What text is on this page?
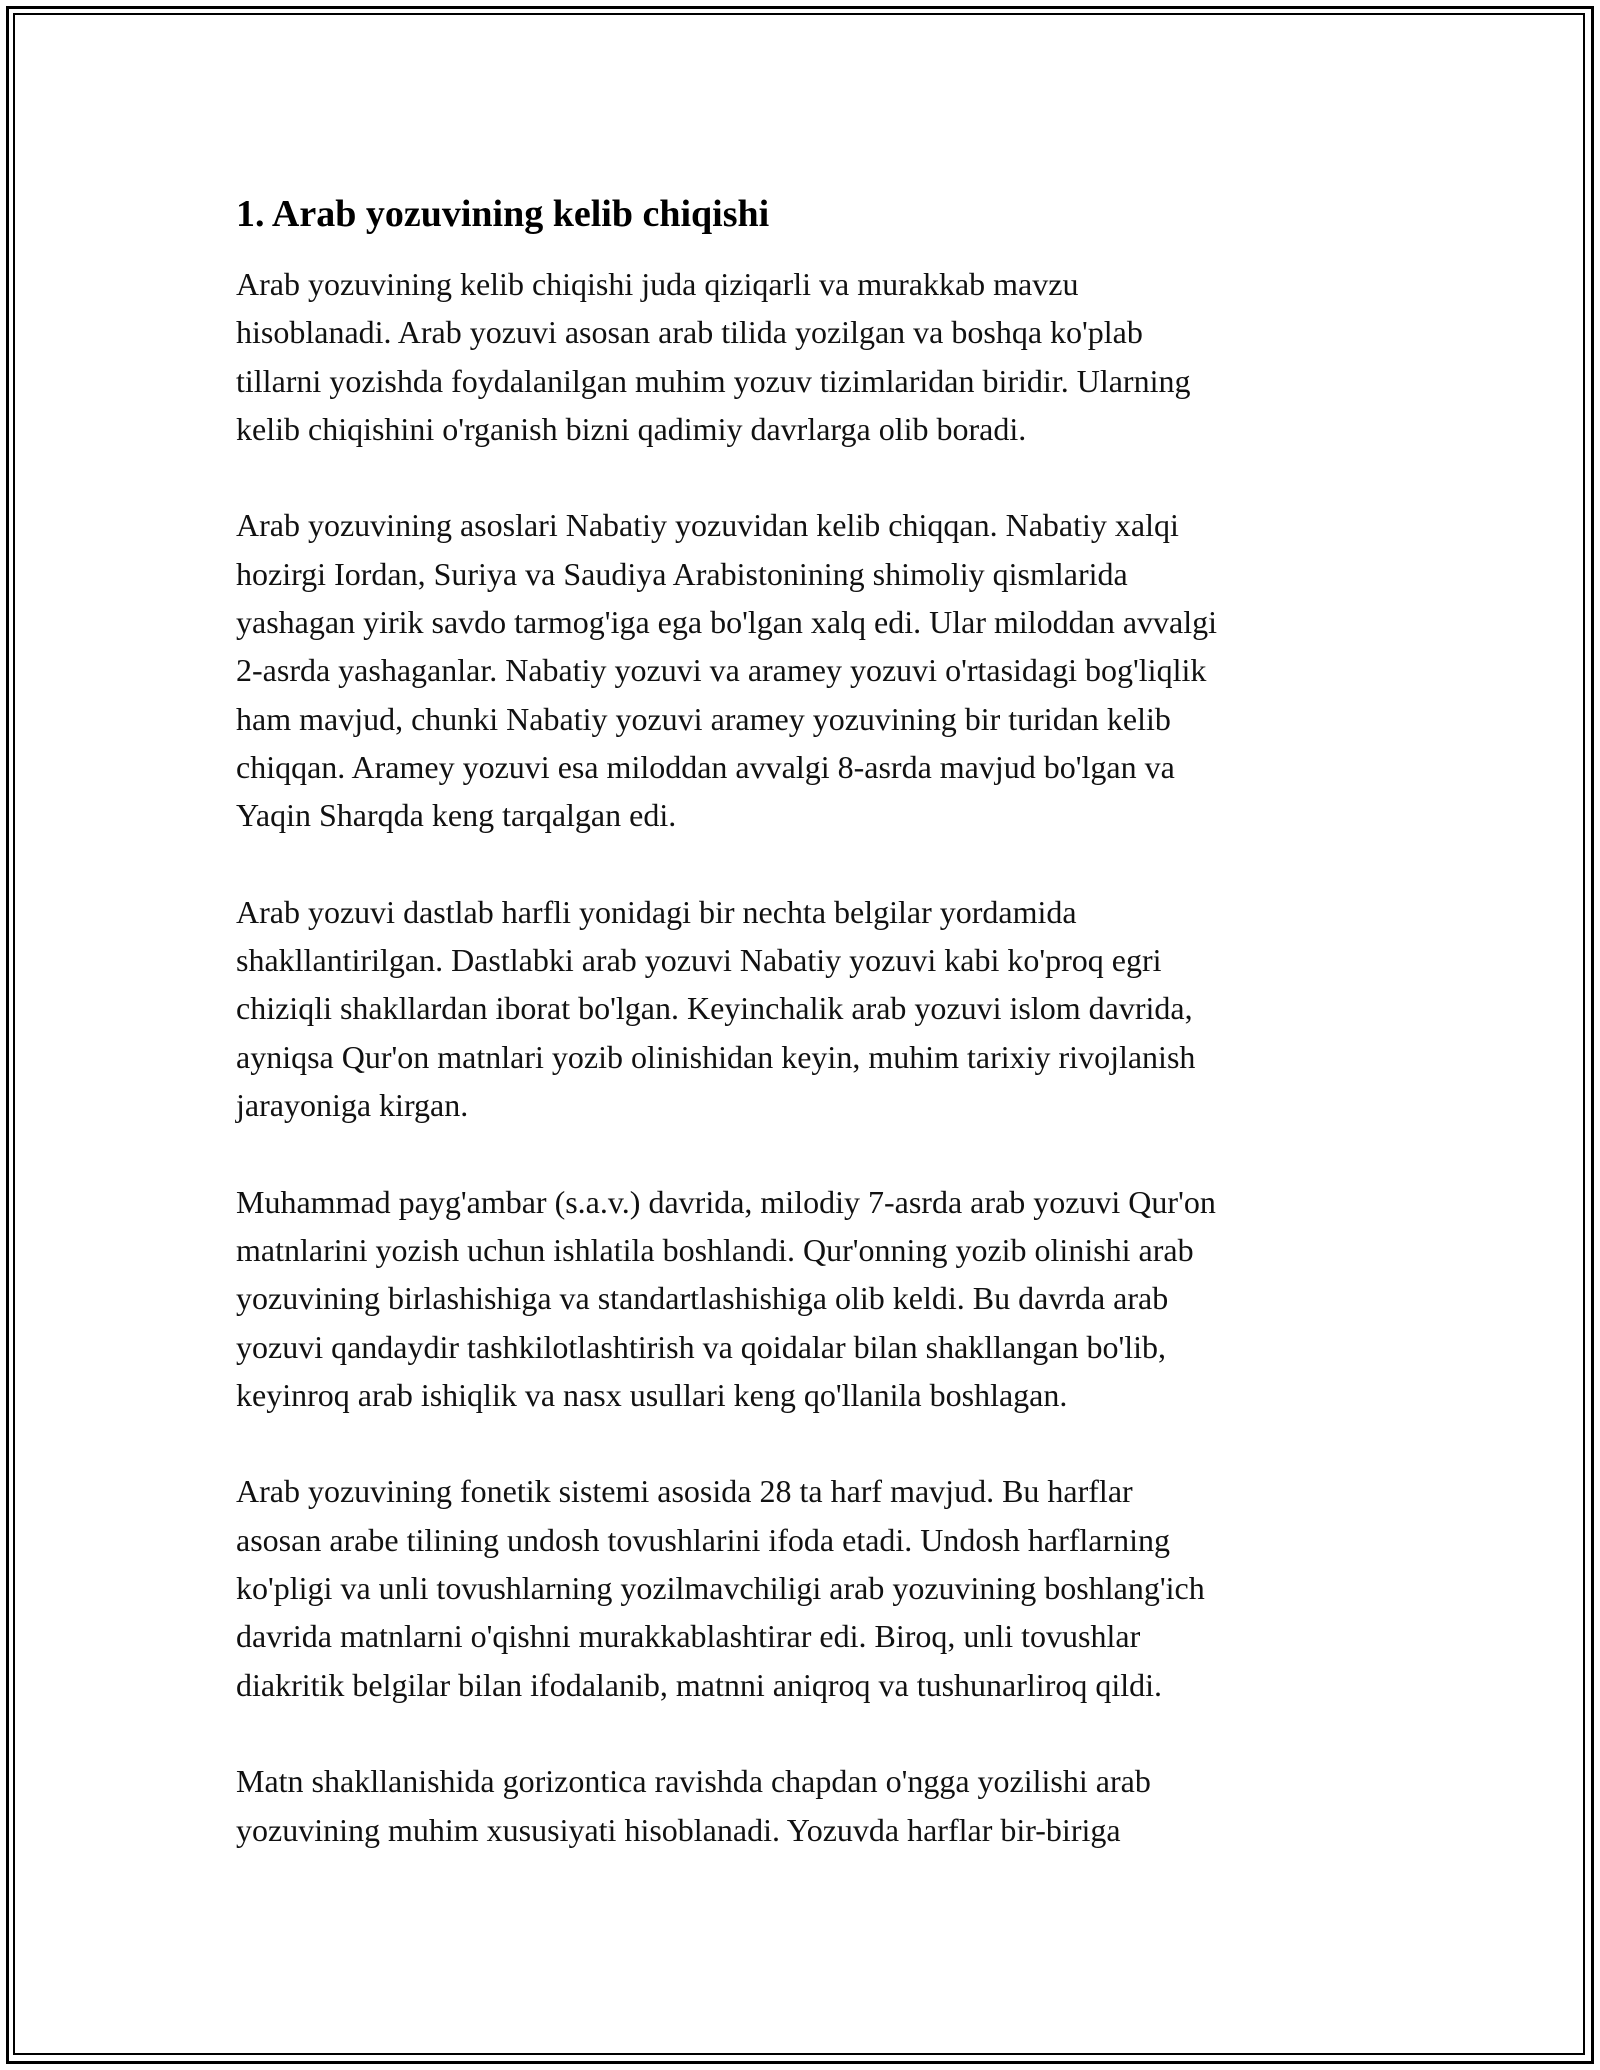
1. Arab yozuvining kelib chiqishi

Arab yozuvining kelib chiqishi juda qiziqarli va murakkab mavzu
hisoblanadi. Arab yozuvi asosan arab tilida yozilgan va boshqa ko'plab
tillarni yozishda foydalanilgan muhim yozuv tizimlaridan biridir. Ularning
kelib chiqishini o'rganish bizni qadimiy davrlarga olib boradi.

Arab yozuvining asoslari Nabatiy yozuvidan kelib chiqqan. Nabatiy xalqi
hozirgi Iordan, Suriya va Saudiya Arabistonining shimoliy qismlarida
yashagan yirik savdo tarmog'iga ega bo'lgan xalq edi. Ular miloddan avvalgi
2-asrda yashaganlar. Nabatiy yozuvi va aramey yozuvi o'rtasidagi bog'liqlik
ham mavjud, chunki Nabatiy yozuvi aramey yozuvining bir turidan kelib
chiqqan. Aramey yozuvi esa miloddan avvalgi 8-asrda mavjud bo'lgan va
Yaqin Sharqda keng tarqalgan edi.

Arab yozuvi dastlab harfli yonidagi bir nechta belgilar yordamida
shakllantirilgan. Dastlabki arab yozuvi Nabatiy yozuvi kabi ko'proq egri
chiziqli shakllardan iborat bo'lgan. Keyinchalik arab yozuvi islom davrida,
ayniqsa Qur'on matnlari yozib olinishidan keyin, muhim tarixiy rivojlanish
jarayoniga kirgan.

Muhammad payg'ambar (s.a.v.) davrida, milodiy 7-asrda arab yozuvi Qur'on
matnlarini yozish uchun ishlatila boshlandi. Qur'onning yozib olinishi arab
yozuvining birlashishiga va standartlashishiga olib keldi. Bu davrda arab
yozuvi qandaydir tashkilotlashtirish va qoidalar bilan shakllangan bo'lib,
keyinroq arab ishiqlik va nasx usullari keng qo'llanila boshlagan.

Arab yozuvining fonetik sistemi asosida 28 ta harf mavjud. Bu harflar
asosan arabe tilining undosh tovushlarini ifoda etadi. Undosh harflarning
ko'pligi va unli tovushlarning yozilmavchiligi arab yozuvining boshlang'ich
davrida matnlarni o'qishni murakkablashtirar edi. Biroq, unli tovushlar
diakritik belgilar bilan ifodalanib, matnni aniqroq va tushunarliroq qildi.

Matn shakllanishida gorizontica ravishda chapdan o'ngga yozilishi arab
yozuvining muhim xususiyati hisoblanadi. Yozuvda harflar bir-biriga
